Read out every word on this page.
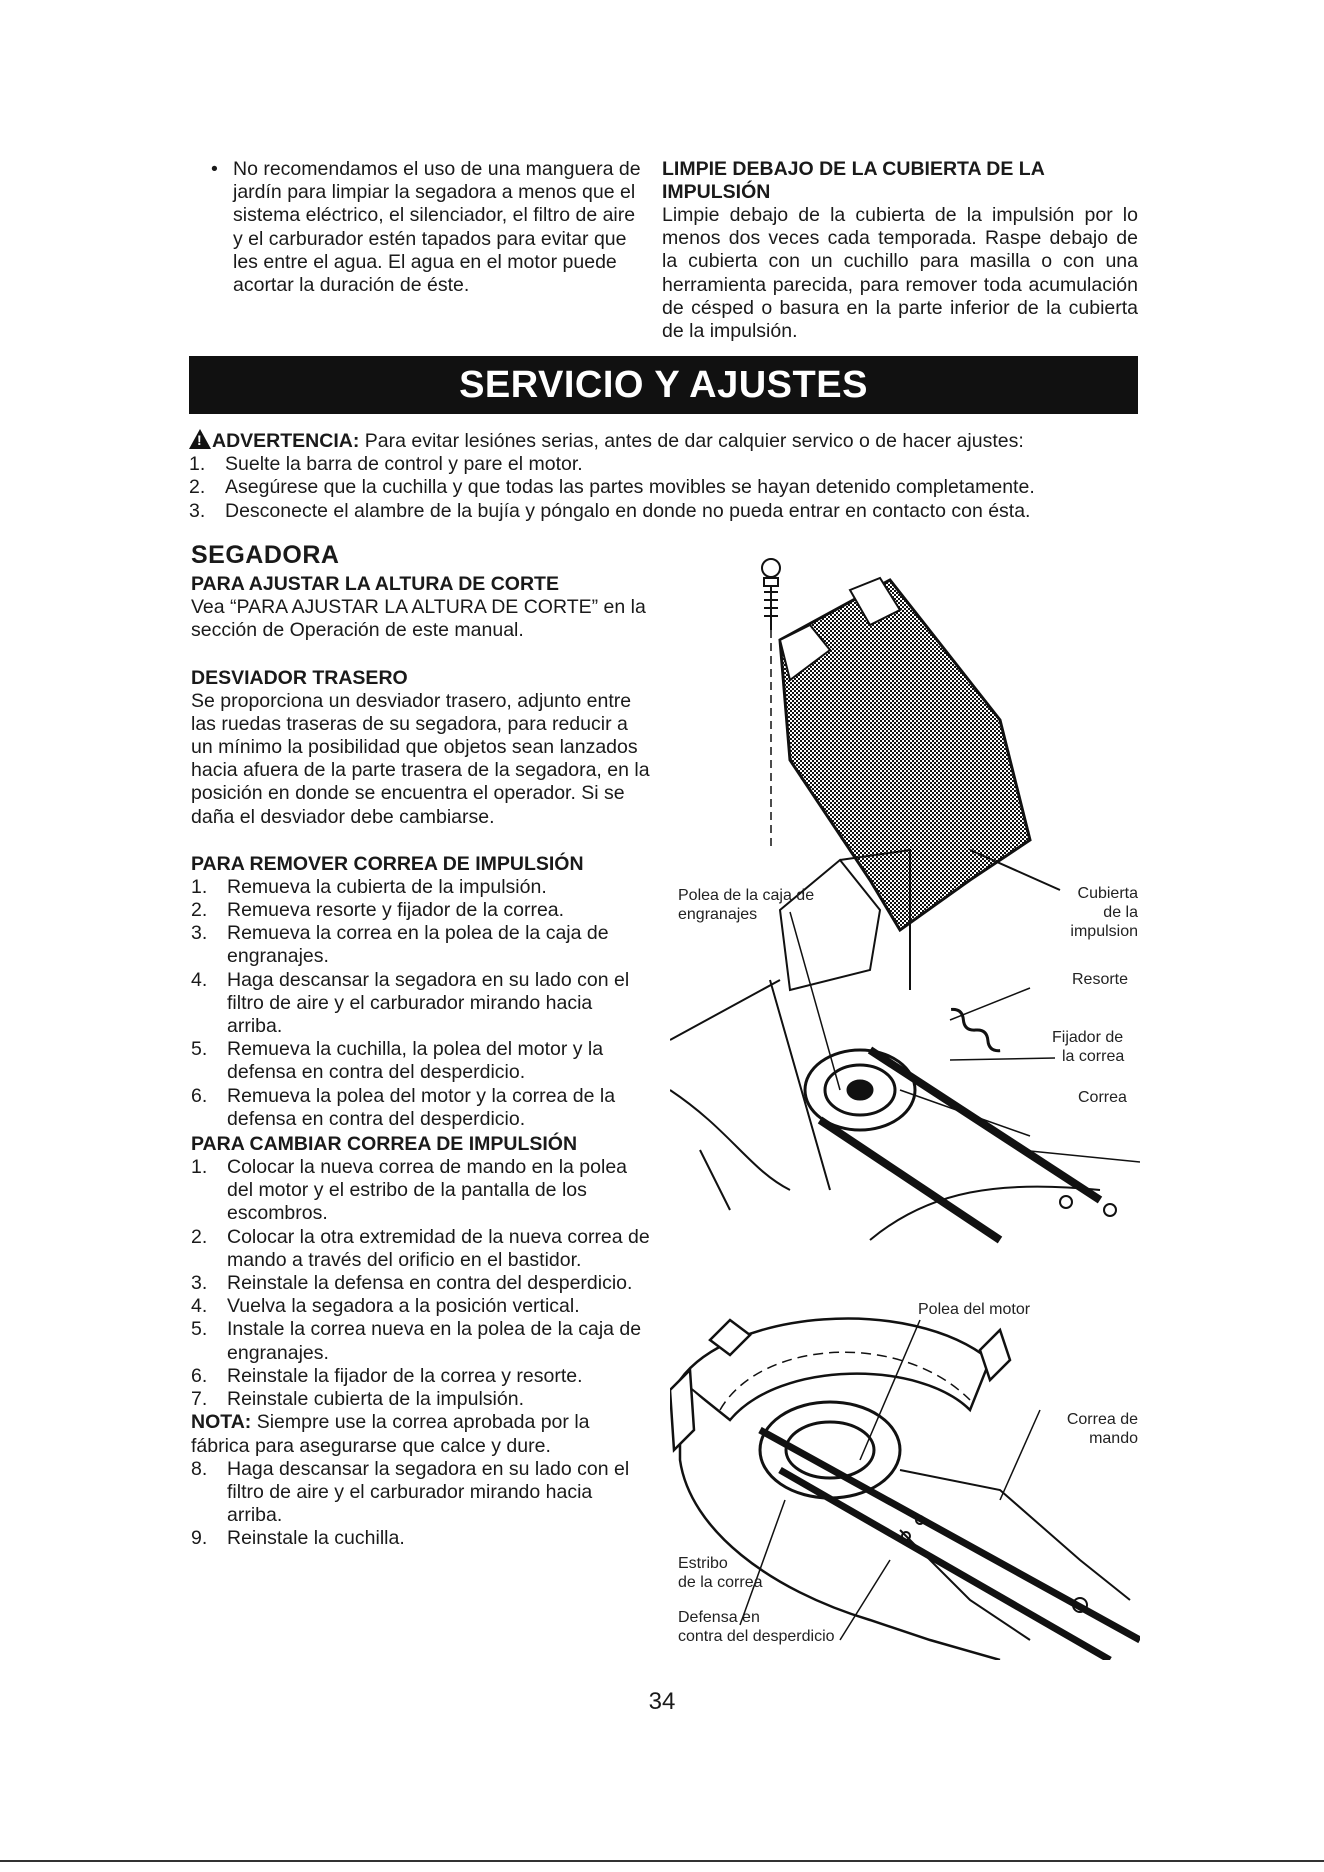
• No recomendamos el uso de una manguera de jardín para limpiar la segadora a menos que el sistema eléctrico, el silenciador, el filtro de aire y el carburador estén tapados para evitar que les entre el agua. El agua en el motor puede acortar la duración de éste.
LIMPIE DEBAJO DE LA CUBIERTA DE LA IMPULSIÓN
Limpie debajo de la cubierta de la impulsión por lo menos dos veces cada temporada. Raspe debajo de la cubierta con un cuchillo para masilla o con una herramienta parecida, para remover toda acumulación de césped o basura en la parte inferior de la cubierta de la impulsión.
SERVICIO Y AJUSTES
!ADVERTENCIA: Para evitar lesiónes serias, antes de dar calquier servico o de hacer ajustes:
1.	Suelte la barra de control y pare el motor.
2.	Asegúrese que la cuchilla y que todas las partes movibles se hayan detenido completamente.
3.	Desconecte el alambre de la bujía y póngalo en donde no pueda entrar en contacto con ésta.
SEGADORA
PARA AJUSTAR LA ALTURA DE CORTE
Vea “PARA AJUSTAR LA ALTURA DE CORTE” en la sección de Operación de este manual.
DESVIADOR TRASERO
Se proporciona un desviador trasero, adjunto entre las ruedas traseras de su segadora, para reducir a un mínimo la posibilidad que objetos sean lanzados hacia afuera de la parte trasera de la segadora, en la posición en donde se encuentra el operador. Si se daña el desviador debe cambiarse.
PARA REMOVER CORREA DE IMPULSIÓN
1.	Remueva la cubierta de la impulsión.
2.	Remueva resorte y fijador de la correa.
3.	Remueva la correa en la polea de la caja de engranajes.
4.	Haga descansar la segadora en su lado con el filtro de aire y el carburador mirando hacia arriba.
5.	Remueva la cuchilla, la polea del motor y la defensa en contra del desperdicio.
6.	Remueva la polea del motor y la correa de la defensa en contra del desperdicio.
PARA CAMBIAR CORREA DE IMPULSIÓN
1.	Colocar la nueva correa de mando en la polea del motor y el estribo de la pantalla de los escombros.
2.	Colocar la otra extremidad de la nueva correa de mando a través del orificio en el bastidor.
3.	Reinstale la defensa en contra del desperdicio.
4.	Vuelva la segadora a la posición vertical.
5.	Instale la correa nueva en la polea de la caja de engranajes.
6.	Reinstale la fijador de la correa y resorte.
7.	Reinstale cubierta de la impulsión.
NOTA: Siempre use la correa aprobada por la fábrica para asegurarse que calce y dure.
8.	Haga descansar la segadora en su lado con el filtro de aire y el carburador mirando hacia arriba.
9.	Reinstale la cuchilla.
Polea de la caja de
engranajes
Cubierta
de la
impulsion
Resorte
Fijador de
la correa
Correa
Polea del motor
Correa de
mando
Estribo
de la correa
Defensa en
contra del desperdicio
34
